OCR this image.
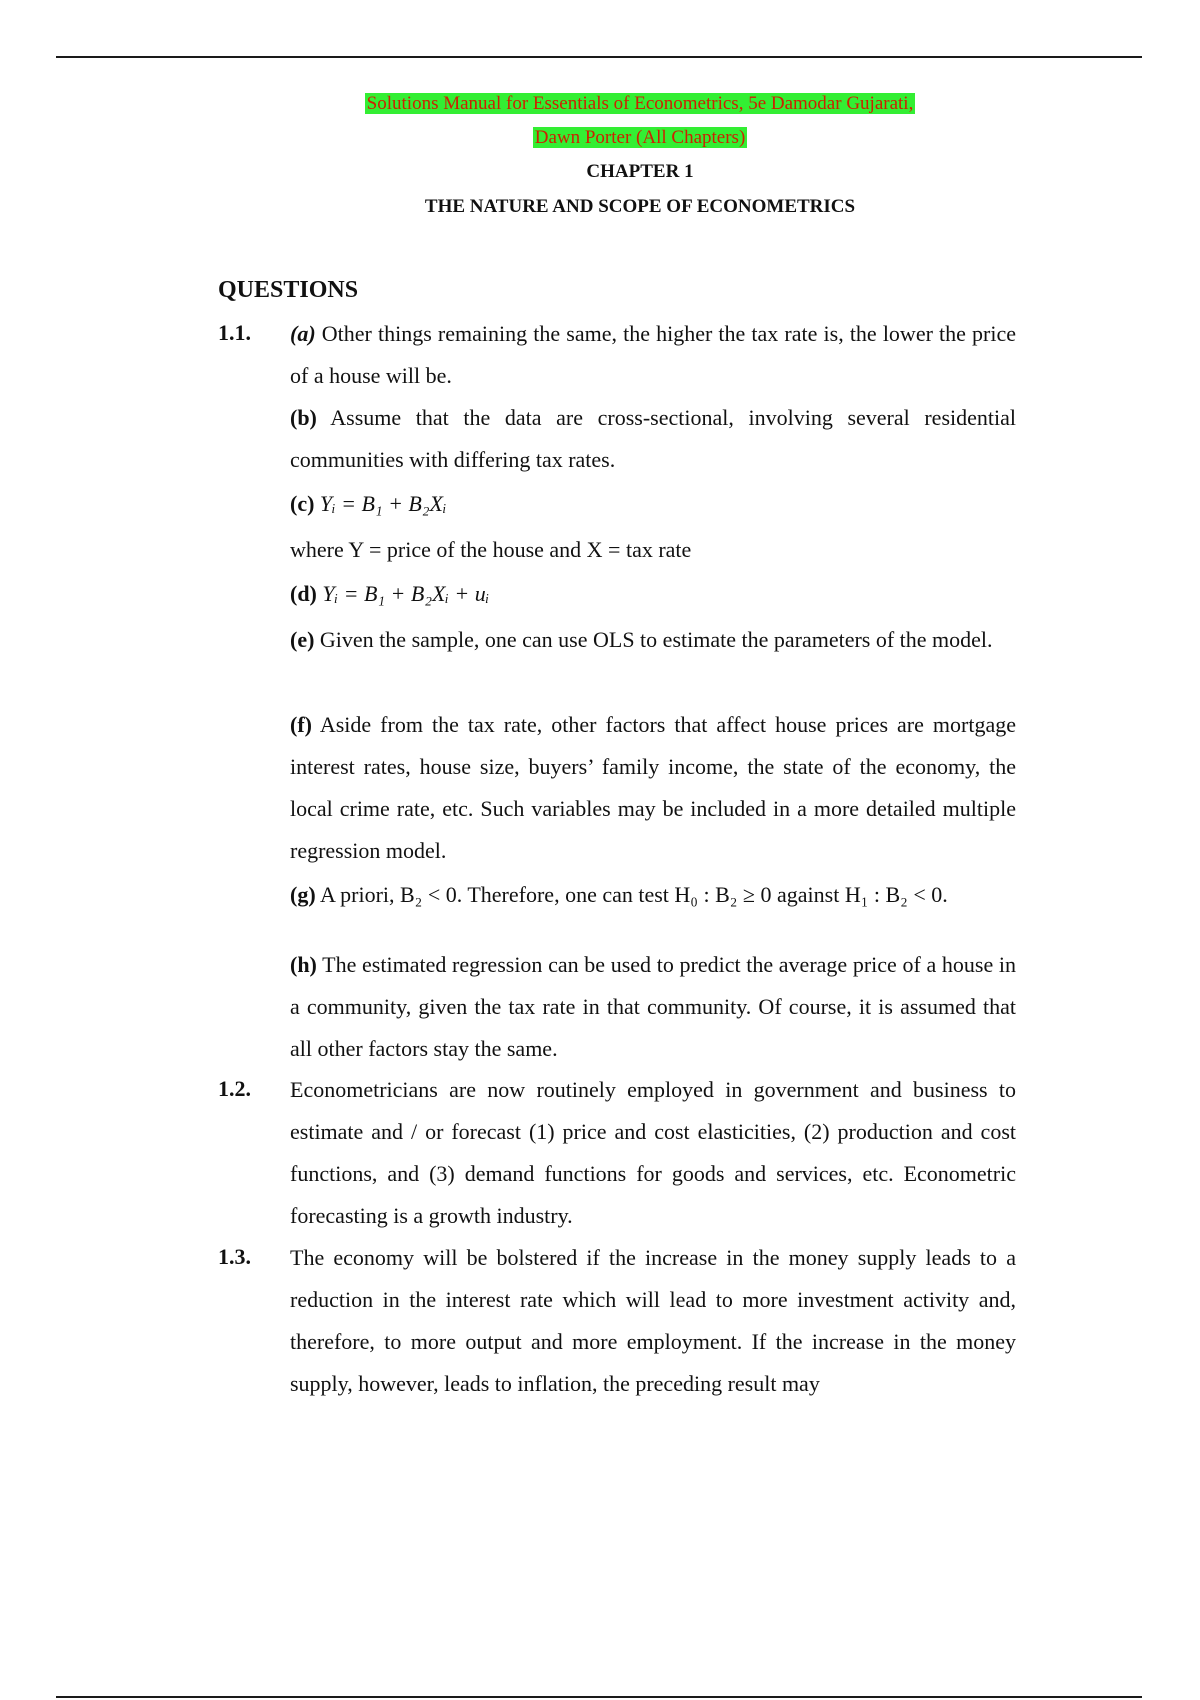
Solutions Manual for Essentials of Econometrics, 5e Damodar Gujarati,
Dawn Porter (All Chapters)
CHAPTER 1
THE NATURE AND SCOPE OF ECONOMETRICS
QUESTIONS
1.1. (a) Other things remaining the same, the higher the tax rate is, the lower the price of a house will be.
(b) Assume that the data are cross-sectional, involving several residential communities with differing tax rates.
(c) Yᵢ = B₁ + B₂Xᵢ
where Y = price of the house and X = tax rate
(d) Yᵢ = B₁ + B₂Xᵢ + uᵢ
(e) Given the sample, one can use OLS to estimate the parameters of the model.
(f) Aside from the tax rate, other factors that affect house prices are mortgage interest rates, house size, buyers’ family income, the state of the economy, the local crime rate, etc. Such variables may be included in a more detailed multiple regression model.
(g) A priori, B₂ < 0. Therefore, one can test H₀ : B₂ ≥ 0 against H₁ : B₂ < 0.
(h) The estimated regression can be used to predict the average price of a house in a community, given the tax rate in that community. Of course, it is assumed that all other factors stay the same.
1.2. Econometricians are now routinely employed in government and business to estimate and / or forecast (1) price and cost elasticities, (2) production and cost functions, and (3) demand functions for goods and services, etc. Econometric forecasting is a growth industry.
1.3. The economy will be bolstered if the increase in the money supply leads to a reduction in the interest rate which will lead to more investment activity and, therefore, to more output and more employment. If the increase in the money supply, however, leads to inflation, the preceding result may
